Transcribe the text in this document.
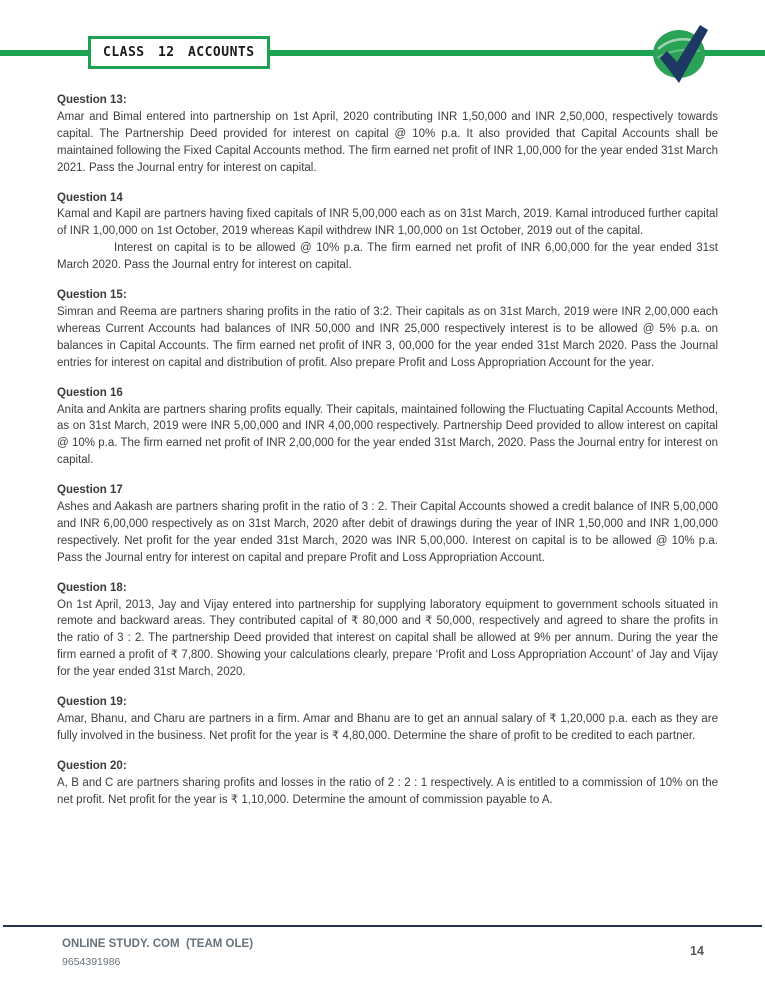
CLASS 12 ACCOUNTS
Question 13:

Amar and Bimal entered into partnership on 1st April, 2020 contributing INR 1,50,000 and INR 2,50,000, respectively towards capital. The Partnership Deed provided for interest on capital @ 10% p.a. It also provided that Capital Accounts shall be maintained following the Fixed Capital Accounts method. The firm earned net profit of INR 1,00,000 for the year ended 31st March 2021. Pass the Journal entry for interest on capital.

Question 14

Kamal and Kapil are partners having fixed capitals of INR 5,00,000 each as on 31st March, 2019. Kamal introduced further capital of INR 1,00,000 on 1st October, 2019 whereas Kapil withdrew INR 1,00,000 on 1st October, 2019 out of the capital.

Interest on capital is to be allowed @ 10% p.a. The firm earned net profit of INR 6,00,000 for the year ended 31st March 2020. Pass the Journal entry for interest on capital.

Question 15:

Simran and Reema are partners sharing profits in the ratio of 3:2. Their capitals as on 31st March, 2019 were INR 2,00,000 each whereas Current Accounts had balances of INR 50,000 and INR 25,000 respectively interest is to be allowed @ 5% p.a. on balances in Capital Accounts. The firm earned net profit of INR 3, 00,000 for the year ended 31st March 2020. Pass the Journal entries for interest on capital and distribution of profit. Also prepare Profit and Loss Appropriation Account for the year.

Question 16

Anita and Ankita are partners sharing profits equally. Their capitals, maintained following the Fluctuating Capital Accounts Method, as on 31st March, 2019 were INR 5,00,000 and INR 4,00,000 respectively. Partnership Deed provided to allow interest on capital @ 10% p.a. The firm earned net profit of INR 2,00,000 for the year ended 31st March, 2020. Pass the Journal entry for interest on capital.

Question 17

Ashes and Aakash are partners sharing profit in the ratio of 3 : 2. Their Capital Accounts showed a credit balance of INR 5,00,000 and INR 6,00,000 respectively as on 31st March, 2020 after debit of drawings during the year of INR 1,50,000 and INR 1,00,000 respectively. Net profit for the year ended 31st March, 2020 was INR 5,00,000. Interest on capital is to be allowed @ 10% p.a. Pass the Journal entry for interest on capital and prepare Profit and Loss Appropriation Account.

Question 18:

On 1st April, 2013, Jay and Vijay entered into partnership for supplying laboratory equipment to government schools situated in remote and backward areas. They contributed capital of ₹ 80,000 and ₹ 50,000, respectively and agreed to share the profits in the ratio of 3 : 2. The partnership Deed provided that interest on capital shall be allowed at 9% per annum. During the year the firm earned a profit of ₹ 7,800. Showing your calculations clearly, prepare ‘Profit and Loss Appropriation Account’ of Jay and Vijay for the year ended 31st March, 2020.

Question 19:

Amar, Bhanu, and Charu are partners in a firm. Amar and Bhanu are to get an annual salary of ₹ 1,20,000 p.a. each as they are fully involved in the business. Net profit for the year is ₹ 4,80,000. Determine the share of profit to be credited to each partner.

Question 20:

A, B and C are partners sharing profits and losses in the ratio of 2 : 2 : 1 respectively. A is entitled to a commission of 10% on the net profit. Net profit for the year is ₹ 1,10,000. Determine the amount of commission payable to A.

ONLINE STUDY. COM  (TEAM OLE)
9654391986
14
